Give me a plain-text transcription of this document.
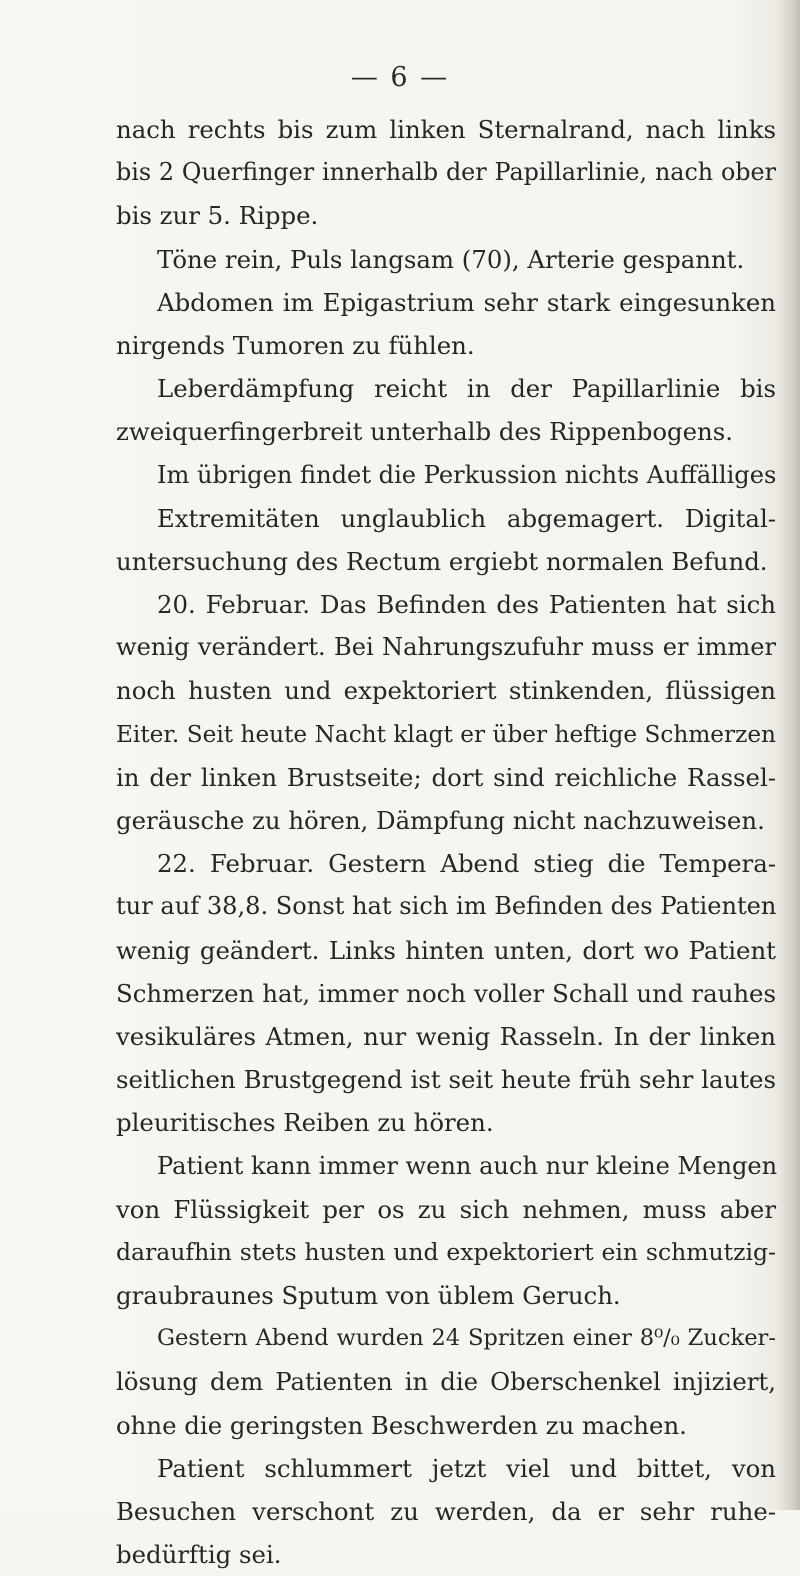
— 6 —
nach rechts bis zum linken Sternalrand, nach links
bis 2 Querfinger innerhalb der Papillarlinie, nach ober
bis zur 5. Rippe.
Töne rein, Puls langsam (70), Arterie gespannt.
Abdomen im Epigastrium sehr stark eingesunken
nirgends Tumoren zu fühlen.
Leberdämpfung reicht in der Papillarlinie bis
zweiquerfingerbreit unterhalb des Rippenbogens.
Im übrigen findet die Perkussion nichts Auffälliges
Extremitäten unglaublich abgemagert. Digital-
untersuchung des Rectum ergiebt normalen Befund.
20. Februar. Das Befinden des Patienten hat sich
wenig verändert. Bei Nahrungszufuhr muss er immer
noch husten und expektoriert stinkenden, flüssigen
Eiter. Seit heute Nacht klagt er über heftige Schmerzen
in der linken Brustseite; dort sind reichliche Rassel-
geräusche zu hören, Dämpfung nicht nachzuweisen.
22. Februar. Gestern Abend stieg die Tempera-
tur auf 38,8. Sonst hat sich im Befinden des Patienten
wenig geändert. Links hinten unten, dort wo Patient
Schmerzen hat, immer noch voller Schall und rauhes
vesikuläres Atmen, nur wenig Rasseln. In der linken
seitlichen Brustgegend ist seit heute früh sehr lautes
pleuritisches Reiben zu hören.
Patient kann immer wenn auch nur kleine Mengen
von Flüssigkeit per os zu sich nehmen, muss aber
daraufhin stets husten und expektoriert ein schmutzig-
graubraunes Sputum von üblem Geruch.
Gestern Abend wurden 24 Spritzen einer 8⁰/₀ Zucker-
lösung dem Patienten in die Oberschenkel injiziert,
ohne die geringsten Beschwerden zu machen.
Patient schlummert jetzt viel und bittet, von
Besuchen verschont zu werden, da er sehr ruhe-
bedürftig sei.
